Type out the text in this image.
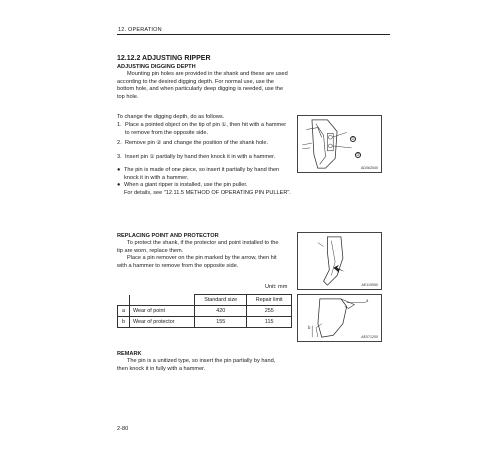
12. OPERATION
12.12.2 ADJUSTING RIPPER
ADJUSTING DIGGING DEPTH
Mounting pin holes are provided in the shank and these are used
according to the desired digging depth. For normal use, use the
bottom hole, and when particularly deep digging is needed, use the
top hole.
To change the digging depth, do as follows.
1. Place a pointed object on the tip of pin ①, then hit with a hammer
to remove from the opposite side.
2. Remove pin ② and change the position of the shank hole.
3. Insert pin ① partially by hand then knock it in with a hammer.
● The pin is made of one piece, so insert it partially by hand then
knock it in with a hammer.
● When a giant ripper is installed, use the pin puller.
For details, see "12.11.5 METHOD OF OPERATING PIN PULLER".
①
②
AD062540
REPLACING POINT AND PROTECTOR
To protect the shank, if the protector and point installed to the
tip are worn, replace them.
Place a pin remover on the pin marked by the arrow, then hit
with a hammer to remove from the opposite side.
AE119550
Unit: mm
		Standard size	Repair limit
a	Wear of point	420	255
b	Wear of protector	155	115
a
b
AE071200
REMARK
The pin is a unitized type, so insert the pin partially by hand,
then knock it in fully with a hammer.
2-80
